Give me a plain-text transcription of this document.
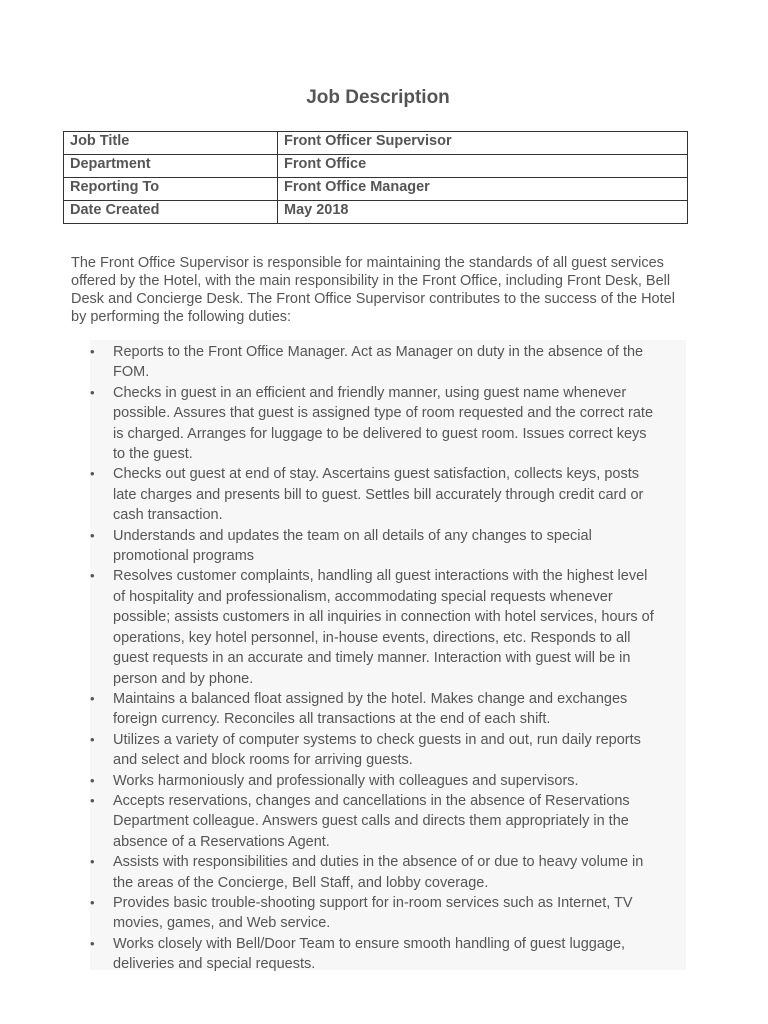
Job Description
Job Title	Front Officer Supervisor
Department	Front Office
Reporting To	Front Office Manager
Date Created	May 2018

The Front Office Supervisor is responsible for maintaining the standards of all guest services offered by the Hotel, with the main responsibility in the Front Office, including Front Desk, Bell Desk and Concierge Desk. The Front Office Supervisor contributes to the success of the Hotel by performing the following duties:

•	Reports to the Front Office Manager. Act as Manager on duty in the absence of the FOM.
•	Checks in guest in an efficient and friendly manner, using guest name whenever possible. Assures that guest is assigned type of room requested and the correct rate is charged. Arranges for luggage to be delivered to guest room. Issues correct keys to the guest.
•	Checks out guest at end of stay. Ascertains guest satisfaction, collects keys, posts late charges and presents bill to guest. Settles bill accurately through credit card or cash transaction.
•	Understands and updates the team on all details of any changes to special promotional programs
•	Resolves customer complaints, handling all guest interactions with the highest level of hospitality and professionalism, accommodating special requests whenever possible; assists customers in all inquiries in connection with hotel services, hours of operations, key hotel personnel, in-house events, directions, etc. Responds to all guest requests in an accurate and timely manner. Interaction with guest will be in person and by phone.
•	Maintains a balanced float assigned by the hotel. Makes change and exchanges foreign currency. Reconciles all transactions at the end of each shift.
•	Utilizes a variety of computer systems to check guests in and out, run daily reports and select and block rooms for arriving guests.
•	Works harmoniously and professionally with colleagues and supervisors.
•	Accepts reservations, changes and cancellations in the absence of Reservations Department colleague. Answers guest calls and directs them appropriately in the absence of a Reservations Agent.
•	Assists with responsibilities and duties in the absence of or due to heavy volume in the areas of the Concierge, Bell Staff, and lobby coverage.
•	Provides basic trouble-shooting support for in-room services such as Internet, TV movies, games, and Web service.
•	Works closely with Bell/Door Team to ensure smooth handling of guest luggage, deliveries and special requests.
